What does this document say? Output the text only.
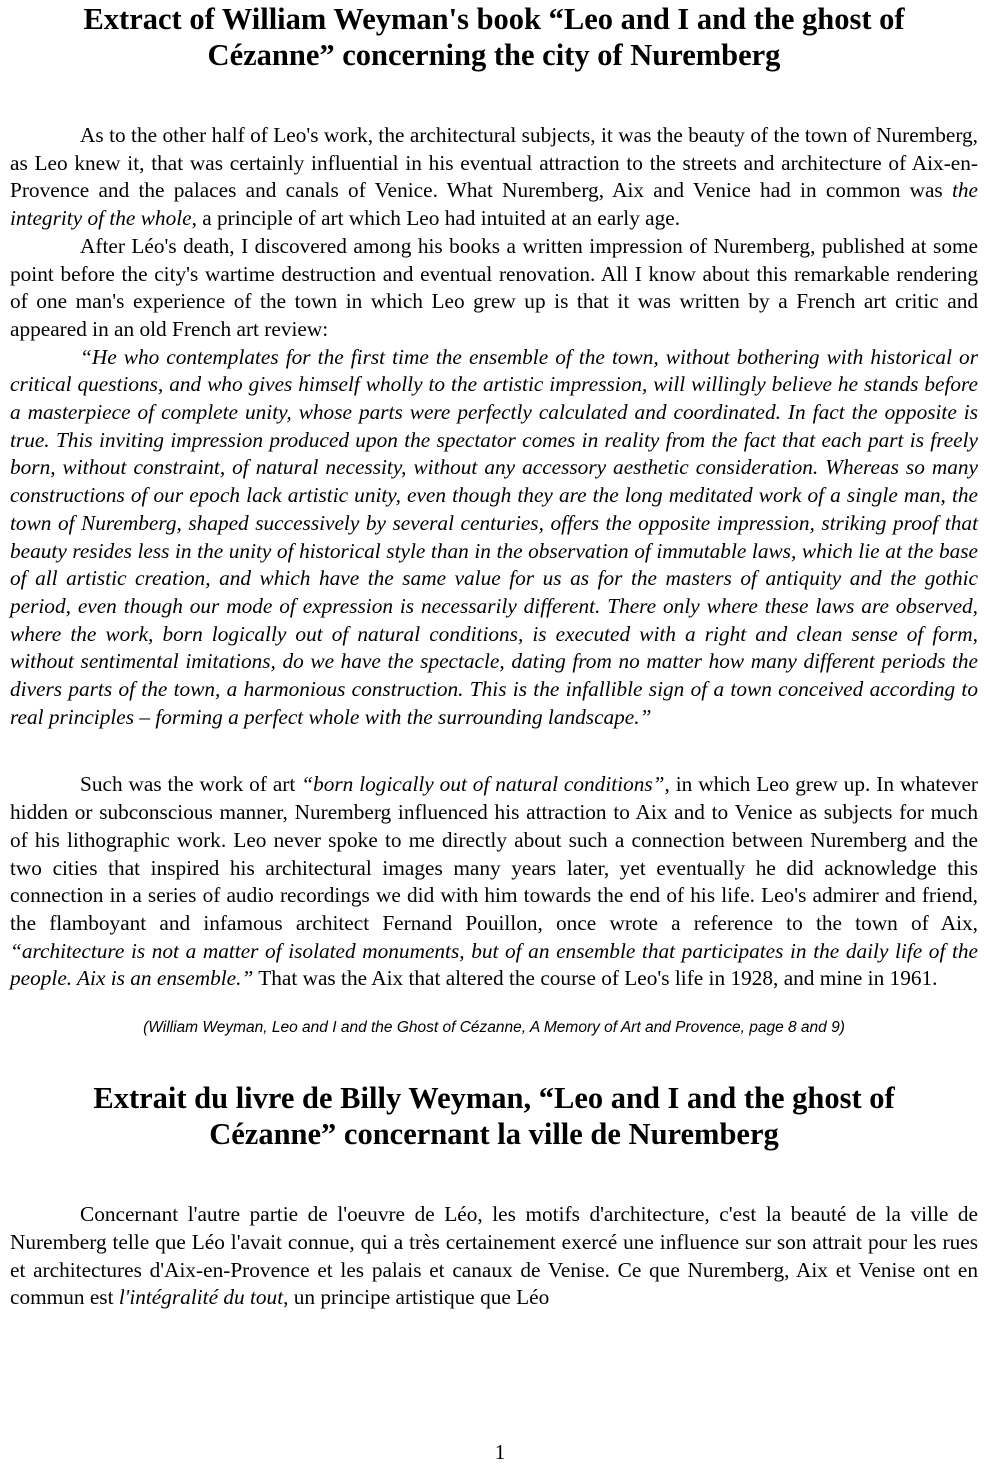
Extract of William Weyman's book “Leo and I and the ghost of
Cézanne” concerning the city of Nuremberg

As to the other half of Leo's work, the architectural subjects, it was the beauty of the town of Nuremberg, as Leo knew it, that was certainly influential in his eventual attraction to the streets and architecture of Aix-en-Provence and the palaces and canals of Venice. What Nuremberg, Aix and Venice had in common was the integrity of the whole, a principle of art which Leo had intuited at an early age.

After Léo's death, I discovered among his books a written impression of Nuremberg, published at some point before the city's wartime destruction and eventual renovation. All I know about this remarkable rendering of one man's experience of the town in which Leo grew up is that it was written by a French art critic and appeared in an old French art review:

“He who contemplates for the first time the ensemble of the town, without bothering with historical or critical questions, and who gives himself wholly to the artistic impression, will willingly believe he stands before a masterpiece of complete unity, whose parts were perfectly calculated and coordinated. In fact the opposite is true. This inviting impression produced upon the spectator comes in reality from the fact that each part is freely born, without constraint, of natural necessity, without any accessory aesthetic consideration. Whereas so many constructions of our epoch lack artistic unity, even though they are the long meditated work of a single man, the town of Nuremberg, shaped successively by several centuries, offers the opposite impression, striking proof that beauty resides less in the unity of historical style than in the observation of immutable laws, which lie at the base of all artistic creation, and which have the same value for us as for the masters of antiquity and the gothic period, even though our mode of expression is necessarily different. There only where these laws are observed, where the work, born logically out of natural conditions, is executed with a right and clean sense of form, without sentimental imitations, do we have the spectacle, dating from no matter how many different periods the divers parts of the town, a harmonious construction. This is the infallible sign of a town conceived according to real principles – forming a perfect whole with the surrounding landscape.”

Such was the work of art “born logically out of natural conditions”, in which Leo grew up. In whatever hidden or subconscious manner, Nuremberg influenced his attraction to Aix and to Venice as subjects for much of his lithographic work. Leo never spoke to me directly about such a connection between Nuremberg and the two cities that inspired his architectural images many years later, yet eventually he did acknowledge this connection in a series of audio recordings we did with him towards the end of his life. Leo's admirer and friend, the flamboyant and infamous architect Fernand Pouillon, once wrote a reference to the town of Aix, “architecture is not a matter of isolated monuments, but of an ensemble that participates in the daily life of the people. Aix is an ensemble.” That was the Aix that altered the course of Leo's life in 1928, and mine in 1961.

(William Weyman, Leo and I and the Ghost of Cézanne, A Memory of Art and Provence, page 8 and 9)

Extrait du livre de Billy Weyman, “Leo and I and the ghost of
Cézanne” concernant la ville de Nuremberg

Concernant l'autre partie de l'oeuvre de Léo, les motifs d'architecture, c'est la beauté de la ville de Nuremberg telle que Léo l'avait connue, qui a très certainement exercé une influence sur son attrait pour les rues et architectures d'Aix-en-Provence et les palais et canaux de Venise. Ce que Nuremberg, Aix et Venise ont en commun est l'intégralité du tout, un principe artistique que Léo

1
